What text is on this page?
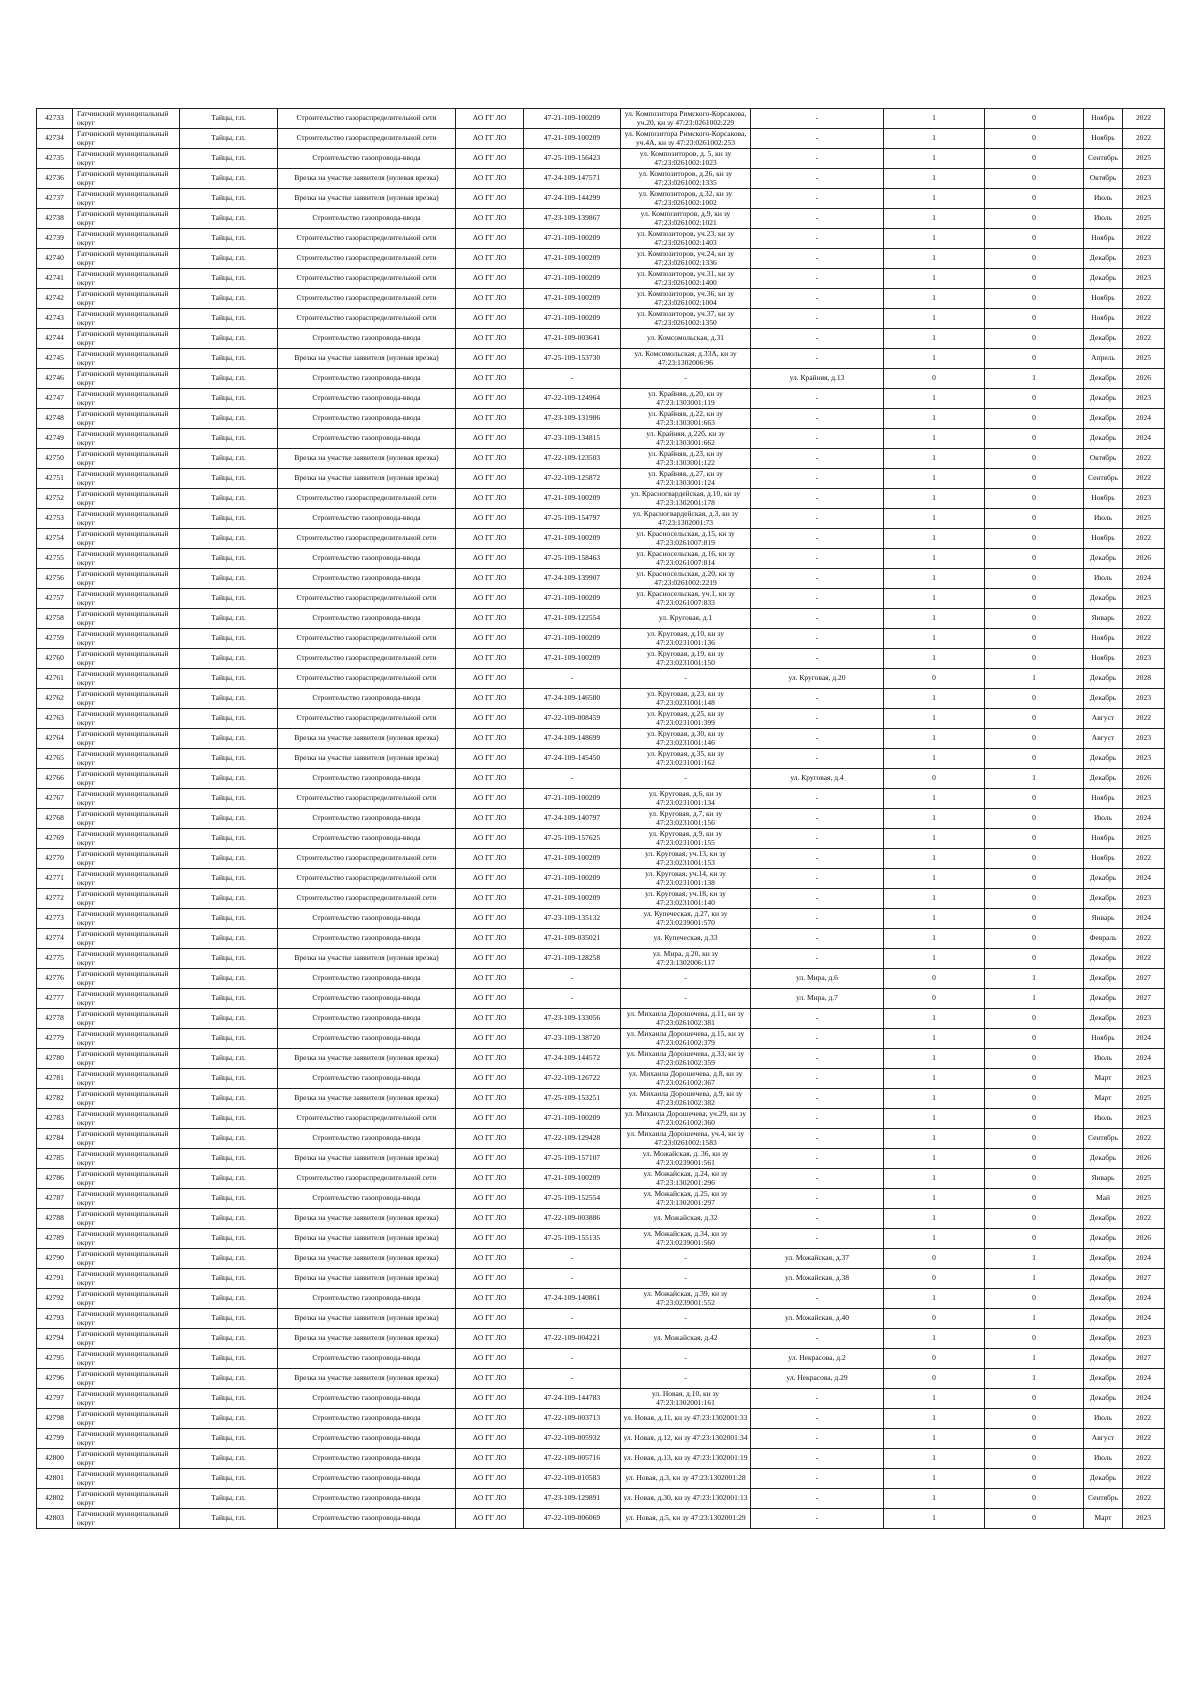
42733	Гатчинский муниципальный округ	Тайцы, г.п.	Строительство газораспределительной сети	АО ГГ ЛО	47-21-109-100209	ул. Композитора Римского-Корсакова, уч.20, кн зу 47:23:0261002:229	-	1	0	Ноябрь	2022
42734	Гатчинский муниципальный округ	Тайцы, г.п.	Строительство газораспределительной сети	АО ГГ ЛО	47-21-109-100209	ул. Композитора Римского-Корсакова, уч.4А, кн зу 47:23:0261002:253	-	1	0	Ноябрь	2022
42735	Гатчинский муниципальный округ	Тайцы, г.п.	Строительство газопровода-ввода	АО ГГ ЛО	47-25-109-156423	ул. Композиторов, д. 5, кн зу 47:23:0261002:1023	-	1	0	Сентябрь	2025
42736	Гатчинский муниципальный округ	Тайцы, г.п.	Врезка на участке заявителя (нулевая врезка)	АО ГГ ЛО	47-24-109-147571	ул. Композиторов, д.26, кн зу 47:23:0261002:1335	-	1	0	Октябрь	2023
42737	Гатчинский муниципальный округ	Тайцы, г.п.	Врезка на участке заявителя (нулевая врезка)	АО ГГ ЛО	47-24-109-144299	ул. Композиторов, д.32, кн зу 47:23:0261002:1002	-	1	0	Июль	2023
42738	Гатчинский муниципальный округ	Тайцы, г.п.	Строительство газопровода-ввода	АО ГГ ЛО	47-23-109-139867	ул. Композиторов, д.9, кн зу 47:23:0261002:1021	-	1	0	Июль	2025
42739	Гатчинский муниципальный округ	Тайцы, г.п.	Строительство газораспределительной сети	АО ГГ ЛО	47-21-109-100209	ул. Композиторов, уч.23, кн зу 47:23:0261002:1403	-	1	0	Ноябрь	2022
42740	Гатчинский муниципальный округ	Тайцы, г.п.	Строительство газораспределительной сети	АО ГГ ЛО	47-21-109-100209	ул. Композиторов, уч.24, кн зу 47:23:0261002:1336	-	1	0	Декабрь	2023
42741	Гатчинский муниципальный округ	Тайцы, г.п.	Строительство газораспределительной сети	АО ГГ ЛО	47-21-109-100209	ул. Композиторов, уч.31, кн зу 47:23:0261002:1400	-	1	0	Декабрь	2023
42742	Гатчинский муниципальный округ	Тайцы, г.п.	Строительство газораспределительной сети	АО ГГ ЛО	47-21-109-100209	ул. Композиторов, уч.36, кн зу 47:23:0261002:1004	-	1	0	Ноябрь	2022
42743	Гатчинский муниципальный округ	Тайцы, г.п.	Строительство газораспределительной сети	АО ГГ ЛО	47-21-109-100209	ул. Композиторов, уч.37, кн зу 47:23:0261002:1350	-	1	0	Ноябрь	2022
42744	Гатчинский муниципальный округ	Тайцы, г.п.	Строительство газопровода-ввода	АО ГГ ЛО	47-21-109-003641	ул. Комсомольская, д.31	-	1	0	Декабрь	2022
42745	Гатчинский муниципальный округ	Тайцы, г.п.	Врезка на участке заявителя (нулевая врезка)	АО ГГ ЛО	47-25-109-153730	ул. Комсомольская, д.33А, кн зу 47:23:1302006:96	-	1	0	Апрель	2025
42746	Гатчинский муниципальный округ	Тайцы, г.п.	Строительство газопровода-ввода	АО ГГ ЛО	-	-	ул. Крайняя, д.13	0	1	Декабрь	2026
42747	Гатчинский муниципальный округ	Тайцы, г.п.	Строительство газопровода-ввода	АО ГГ ЛО	47-22-109-124964	ул. Крайняя, д.20, кн зу 47:23:1303001:119	-	1	0	Декабрь	2023
42748	Гатчинский муниципальный округ	Тайцы, г.п.	Строительство газопровода-ввода	АО ГГ ЛО	47-23-109-131986	ул. Крайняя, д.22, кн зу 47:23:1303001:663	-	1	0	Декабрь	2024
42749	Гатчинский муниципальный округ	Тайцы, г.п.	Строительство газопровода-ввода	АО ГГ ЛО	47-23-109-134815	ул. Крайняя, д.22б, кн зу 47:23:1303001:662	-	1	0	Декабрь	2024
42750	Гатчинский муниципальный округ	Тайцы, г.п.	Врезка на участке заявителя (нулевая врезка)	АО ГГ ЛО	47-22-109-123503	ул. Крайняя, д.23, кн зу 47:23:1303001:122	-	1	0	Октябрь	2022
42751	Гатчинский муниципальный округ	Тайцы, г.п.	Врезка на участке заявителя (нулевая врезка)	АО ГГ ЛО	47-22-109-125872	ул. Крайняя, д.27, кн зу 47:23:1303001:124	-	1	0	Сентябрь	2022
42752	Гатчинский муниципальный округ	Тайцы, г.п.	Строительство газораспределительной сети	АО ГГ ЛО	47-21-109-100209	ул. Красногвардейская, д.10, кн зу 47:23:1302001:178	-	1	0	Ноябрь	2023
42753	Гатчинский муниципальный округ	Тайцы, г.п.	Строительство газопровода-ввода	АО ГГ ЛО	47-25-109-154797	ул. Красногвардейская, д.3, кн зу 47:23:1302001:73	-	1	0	Июль	2025
42754	Гатчинский муниципальный округ	Тайцы, г.п.	Строительство газораспределительной сети	АО ГГ ЛО	47-21-109-100209	ул. Красносельская, д.15, кн зу 47:23:0261007:819	-	1	0	Ноябрь	2022
42755	Гатчинский муниципальный округ	Тайцы, г.п.	Строительство газопровода-ввода	АО ГГ ЛО	47-25-109-158463	ул. Красносельская, д.16, кн зу 47:23:0261007:814	-	1	0	Декабрь	2026
42756	Гатчинский муниципальный округ	Тайцы, г.п.	Строительство газопровода-ввода	АО ГГ ЛО	47-24-109-139907	ул. Красносельская, д.20, кн зу 47:23:0261002:2219	-	1	0	Июль	2024
42757	Гатчинский муниципальный округ	Тайцы, г.п.	Строительство газораспределительной сети	АО ГГ ЛО	47-21-109-100209	ул. Красносельская, уч.1, кн зу 47:23:0261007:833	-	1	0	Декабрь	2023
42758	Гатчинский муниципальный округ	Тайцы, г.п.	Строительство газопровода-ввода	АО ГГ ЛО	47-21-109-122554	ул. Круговая, д.1	-	1	0	Январь	2022
42759	Гатчинский муниципальный округ	Тайцы, г.п.	Строительство газораспределительной сети	АО ГГ ЛО	47-21-109-100209	ул. Круговая, д.10, кн зу 47:23:0231001:136	-	1	0	Ноябрь	2022
42760	Гатчинский муниципальный округ	Тайцы, г.п.	Строительство газораспределительной сети	АО ГГ ЛО	47-21-109-100209	ул. Круговая, д.19, кн зу 47:23:0231001:150	-	1	0	Ноябрь	2023
42761	Гатчинский муниципальный округ	Тайцы, г.п.	Строительство газораспределительной сети	АО ГГ ЛО	-	-	ул. Круговая, д.20	0	1	Декабрь	2028
42762	Гатчинский муниципальный округ	Тайцы, г.п.	Строительство газопровода-ввода	АО ГГ ЛО	47-24-109-146580	ул. Круговая, д.23, кн зу 47:23:0231001:148	-	1	0	Декабрь	2023
42763	Гатчинский муниципальный округ	Тайцы, г.п.	Строительство газораспределительной сети	АО ГГ ЛО	47-22-109-008459	ул. Круговая, д.25, кн зу 47:23:0231001:399	-	1	0	Август	2022
42764	Гатчинский муниципальный округ	Тайцы, г.п.	Врезка на участке заявителя (нулевая врезка)	АО ГГ ЛО	47-24-109-148699	ул. Круговая, д.30, кн зу 47:23:0231001:146	-	1	0	Август	2023
42765	Гатчинский муниципальный округ	Тайцы, г.п.	Врезка на участке заявителя (нулевая врезка)	АО ГГ ЛО	47-24-109-145450	ул. Круговая, д.35, кн зу 47:23:0231001:162	-	1	0	Декабрь	2023
42766	Гатчинский муниципальный округ	Тайцы, г.п.	Строительство газопровода-ввода	АО ГГ ЛО	-	-	ул. Круговая, д.4	0	1	Декабрь	2026
42767	Гатчинский муниципальный округ	Тайцы, г.п.	Строительство газораспределительной сети	АО ГГ ЛО	47-21-109-100209	ул. Круговая, д.6, кн зу 47:23:0231001:134	-	1	0	Ноябрь	2023
42768	Гатчинский муниципальный округ	Тайцы, г.п.	Строительство газопровода-ввода	АО ГГ ЛО	47-24-109-140797	ул. Круговая, д.7, кн зу 47:23:0231001:156	-	1	0	Июль	2024
42769	Гатчинский муниципальный округ	Тайцы, г.п.	Строительство газопровода-ввода	АО ГГ ЛО	47-25-109-157625	ул. Круговая, д.9, кн зу 47:23:0231001:155	-	1	0	Ноябрь	2025
42770	Гатчинский муниципальный округ	Тайцы, г.п.	Строительство газораспределительной сети	АО ГГ ЛО	47-21-109-100209	ул. Круговая, уч.13, кн зу 47:23:0231001:153	-	1	0	Ноябрь	2022
42771	Гатчинский муниципальный округ	Тайцы, г.п.	Строительство газораспределительной сети	АО ГГ ЛО	47-21-109-100209	ул. Круговая, уч.14, кн зу 47:23:0231001:138	-	1	0	Декабрь	2024
42772	Гатчинский муниципальный округ	Тайцы, г.п.	Строительство газораспределительной сети	АО ГГ ЛО	47-21-109-100209	ул. Круговая, уч.18, кн зу 47:23:0231001:140	-	1	0	Декабрь	2023
42773	Гатчинский муниципальный округ	Тайцы, г.п.	Строительство газопровода-ввода	АО ГГ ЛО	47-23-109-135132	ул. Купеческая, д.27, кн зу 47:23:0239001:570	-	1	0	Январь	2024
42774	Гатчинский муниципальный округ	Тайцы, г.п.	Строительство газопровода-ввода	АО ГГ ЛО	47-21-109-035021	ул. Купеческая, д.33	-	1	0	Февраль	2022
42775	Гатчинский муниципальный округ	Тайцы, г.п.	Врезка на участке заявителя (нулевая врезка)	АО ГГ ЛО	47-21-109-128258	ул. Мира, д.20, кн зу 47:23:1302006:117	-	1	0	Декабрь	2022
42776	Гатчинский муниципальный округ	Тайцы, г.п.	Строительство газопровода-ввода	АО ГГ ЛО	-	-	ул. Мира, д.6	0	1	Декабрь	2027
42777	Гатчинский муниципальный округ	Тайцы, г.п.	Строительство газопровода-ввода	АО ГГ ЛО	-	-	ул. Мира, д.7	0	1	Декабрь	2027
42778	Гатчинский муниципальный округ	Тайцы, г.п.	Строительство газопровода-ввода	АО ГГ ЛО	47-23-109-133056	ул. Михаила Дорошечева, д.11, кн зу 47:23:0261002:381	-	1	0	Декабрь	2023
42779	Гатчинский муниципальный округ	Тайцы, г.п.	Строительство газопровода-ввода	АО ГГ ЛО	47-23-109-138720	ул. Михаила Дорошечева, д.15, кн зу 47:23:0261002:379	-	1	0	Ноябрь	2024
42780	Гатчинский муниципальный округ	Тайцы, г.п.	Врезка на участке заявителя (нулевая врезка)	АО ГГ ЛО	47-24-109-144572	ул. Михаила Дорошечева, д.33, кн зу 47:23:0261002:359	-	1	0	Июль	2024
42781	Гатчинский муниципальный округ	Тайцы, г.п.	Строительство газопровода-ввода	АО ГГ ЛО	47-22-109-126722	ул. Михаила Дорошечева, д.8, кн зу 47:23:0261002:367	-	1	0	Март	2023
42782	Гатчинский муниципальный округ	Тайцы, г.п.	Врезка на участке заявителя (нулевая врезка)	АО ГГ ЛО	47-25-109-153251	ул. Михаила Дорошечева, д.9, кн зу 47:23:0261002:382	-	1	0	Март	2025
42783	Гатчинский муниципальный округ	Тайцы, г.п.	Строительство газораспределительной сети	АО ГГ ЛО	47-21-109-100209	ул. Михаила Дорошечева, уч.29, кн зу 47:23:0261002:360	-	1	0	Июль	2023
42784	Гатчинский муниципальный округ	Тайцы, г.п.	Строительство газопровода-ввода	АО ГГ ЛО	47-22-109-129428	ул. Михаила Дорошечева, уч.4, кн зу 47:23:0261002:1583	-	1	0	Сентябрь	2022
42785	Гатчинский муниципальный округ	Тайцы, г.п.	Врезка на участке заявителя (нулевая врезка)	АО ГГ ЛО	47-25-109-157107	ул. Можайская, д. 36, кн зу 47:23:0239001:561	-	1	0	Декабрь	2026
42786	Гатчинский муниципальный округ	Тайцы, г.п.	Строительство газораспределительной сети	АО ГГ ЛО	47-21-109-100209	ул. Можайская, д.24, кн зу 47:23:1302001:296	-	1	0	Январь	2025
42787	Гатчинский муниципальный округ	Тайцы, г.п.	Строительство газопровода-ввода	АО ГГ ЛО	47-25-109-152554	ул. Можайская, д.25, кн зу 47:23:1302001:297	-	1	0	Май	2025
42788	Гатчинский муниципальный округ	Тайцы, г.п.	Врезка на участке заявителя (нулевая врезка)	АО ГГ ЛО	47-22-109-003886	ул. Можайская, д.32	-	1	0	Декабрь	2022
42789	Гатчинский муниципальный округ	Тайцы, г.п.	Врезка на участке заявителя (нулевая врезка)	АО ГГ ЛО	47-25-109-155135	ул. Можайская, д.34, кн зу 47:23:0239001:560	-	1	0	Декабрь	2026
42790	Гатчинский муниципальный округ	Тайцы, г.п.	Врезка на участке заявителя (нулевая врезка)	АО ГГ ЛО	-	-	ул. Можайская, д.37	0	1	Декабрь	2024
42791	Гатчинский муниципальный округ	Тайцы, г.п.	Врезка на участке заявителя (нулевая врезка)	АО ГГ ЛО	-	-	ул. Можайская, д.38	0	1	Декабрь	2027
42792	Гатчинский муниципальный округ	Тайцы, г.п.	Строительство газопровода-ввода	АО ГГ ЛО	47-24-109-140861	ул. Можайская, д.39, кн зу 47:23:0239001:552	-	1	0	Декабрь	2024
42793	Гатчинский муниципальный округ	Тайцы, г.п.	Врезка на участке заявителя (нулевая врезка)	АО ГГ ЛО	-	-	ул. Можайская, д.40	0	1	Декабрь	2024
42794	Гатчинский муниципальный округ	Тайцы, г.п.	Врезка на участке заявителя (нулевая врезка)	АО ГГ ЛО	47-22-109-004221	ул. Можайская, д.42	-	1	0	Декабрь	2023
42795	Гатчинский муниципальный округ	Тайцы, г.п.	Строительство газопровода-ввода	АО ГГ ЛО	-	-	ул. Некрасова, д.2	0	1	Декабрь	2027
42796	Гатчинский муниципальный округ	Тайцы, г.п.	Врезка на участке заявителя (нулевая врезка)	АО ГГ ЛО	-	-	ул. Некрасова, д.29	0	1	Декабрь	2024
42797	Гатчинский муниципальный округ	Тайцы, г.п.	Строительство газопровода-ввода	АО ГГ ЛО	47-24-109-144783	ул. Новая, д.10, кн зу 47:23:1302001:161	-	1	0	Декабрь	2024
42798	Гатчинский муниципальный округ	Тайцы, г.п.	Строительство газопровода-ввода	АО ГГ ЛО	47-22-109-003713	ул. Новая, д.11, кн зу 47:23:1302001:33	-	1	0	Июль	2022
42799	Гатчинский муниципальный округ	Тайцы, г.п.	Строительство газопровода-ввода	АО ГГ ЛО	47-22-109-005932	ул. Новая, д.12, кн зу 47:23:1302001:34	-	1	0	Август	2022
42800	Гатчинский муниципальный округ	Тайцы, г.п.	Строительство газопровода-ввода	АО ГГ ЛО	47-22-109-005716	ул. Новая, д.13, кн зу 47:23:1302001:19	-	1	0	Июль	2022
42801	Гатчинский муниципальный округ	Тайцы, г.п.	Строительство газопровода-ввода	АО ГГ ЛО	47-22-109-010583	ул. Новая, д.3, кн зу 47:23:1302001:28	-	1	0	Декабрь	2022
42802	Гатчинский муниципальный округ	Тайцы, г.п.	Строительство газопровода-ввода	АО ГГ ЛО	47-23-109-129891	ул. Новая, д.30, кн зу 47:23:1302001:13	-	1	0	Сентябрь	2022
42803	Гатчинский муниципальный округ	Тайцы, г.п.	Строительство газопровода-ввода	АО ГГ ЛО	47-22-109-006069	ул. Новая, д.5, кн зу 47:23:1302001:29	-	1	0	Март	2023
